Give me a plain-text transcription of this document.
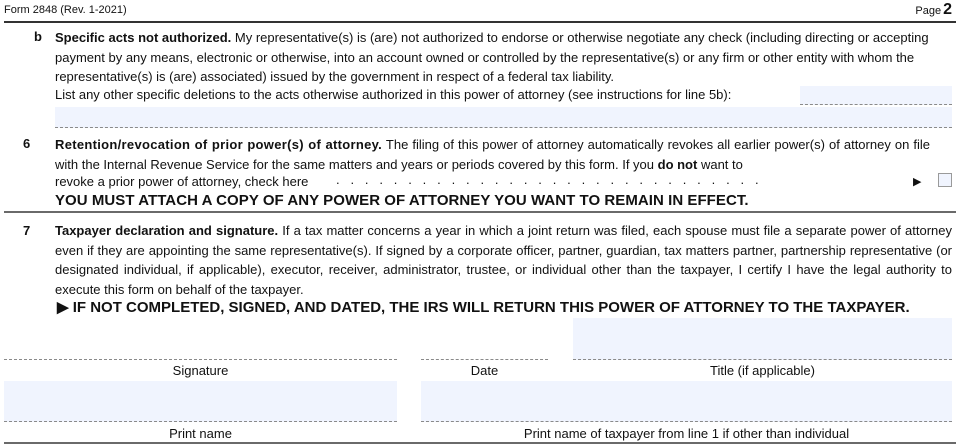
Form 2848 (Rev. 1-2021)	Page 2
b Specific acts not authorized. My representative(s) is (are) not authorized to endorse or otherwise negotiate any check (including directing or accepting payment by any means, electronic or otherwise, into an account owned or controlled by the representative(s) or any firm or other entity with whom the representative(s) is (are) associated) issued by the government in respect of a federal tax liability.
List any other specific deletions to the acts otherwise authorized in this power of attorney (see instructions for line 5b):
6 Retention/revocation of prior power(s) of attorney. The filing of this power of attorney automatically revokes all earlier power(s) of attorney on file with the Internal Revenue Service for the same matters and years or periods covered by this form. If you do not want to
revoke a prior power of attorney, check here .   .   .   .   .   .   .   .   .   .   .   .   .   .   .   .   .   .   .   .   .   .   .   .   .   .   .   .   .   .	▶
YOU MUST ATTACH A COPY OF ANY POWER OF ATTORNEY YOU WANT TO REMAIN IN EFFECT.
7 Taxpayer declaration and signature. If a tax matter concerns a year in which a joint return was filed, each spouse must file a separate power of attorney even if they are appointing the same representative(s). If signed by a corporate officer, partner, guardian, tax matters partner, partnership representative (or designated individual, if applicable), executor, receiver, administrator, trustee, or individual other than the taxpayer, I certify I have the legal authority to execute this form on behalf of the taxpayer.
▶ IF NOT COMPLETED, SIGNED, AND DATED, THE IRS WILL RETURN THIS POWER OF ATTORNEY TO THE TAXPAYER.
Signature	Date	Title (if applicable)
Print name	Print name of taxpayer from line 1 if other than individual
